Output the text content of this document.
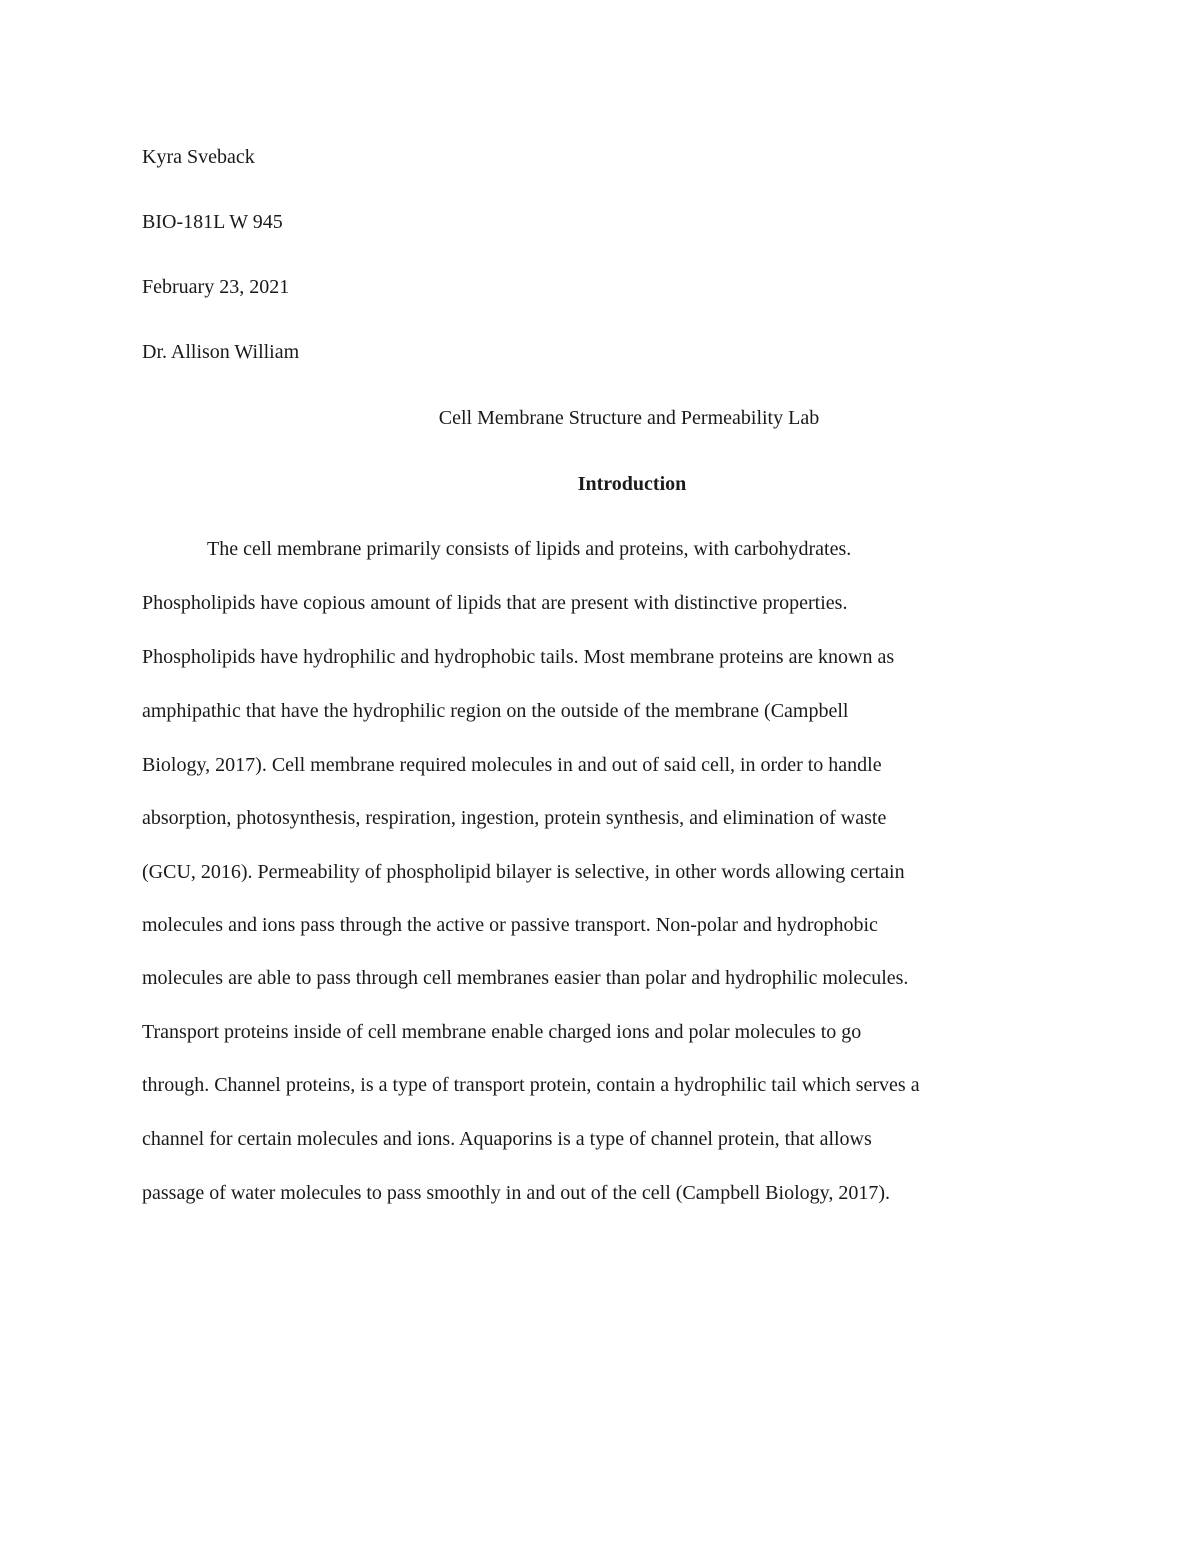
Kyra Sveback
BIO-181L W 945
February 23, 2021
Dr. Allison William
Cell Membrane Structure and Permeability Lab
Introduction
The cell membrane primarily consists of lipids and proteins, with carbohydrates.
Phospholipids have copious amount of lipids that are present with distinctive properties.
Phospholipids have hydrophilic and hydrophobic tails. Most membrane proteins are known as
amphipathic that have the hydrophilic region on the outside of the membrane (Campbell
Biology, 2017). Cell membrane required molecules in and out of said cell, in order to handle
absorption, photosynthesis, respiration, ingestion, protein synthesis, and elimination of waste
(GCU, 2016). Permeability of phospholipid bilayer is selective, in other words allowing certain
molecules and ions pass through the active or passive transport. Non-polar and hydrophobic
molecules are able to pass through cell membranes easier than polar and hydrophilic molecules.
Transport proteins inside of cell membrane enable charged ions and polar molecules to go
through. Channel proteins, is a type of transport protein, contain a hydrophilic tail which serves a
channel for certain molecules and ions. Aquaporins is a type of channel protein, that allows
passage of water molecules to pass smoothly in and out of the cell (Campbell Biology, 2017).
